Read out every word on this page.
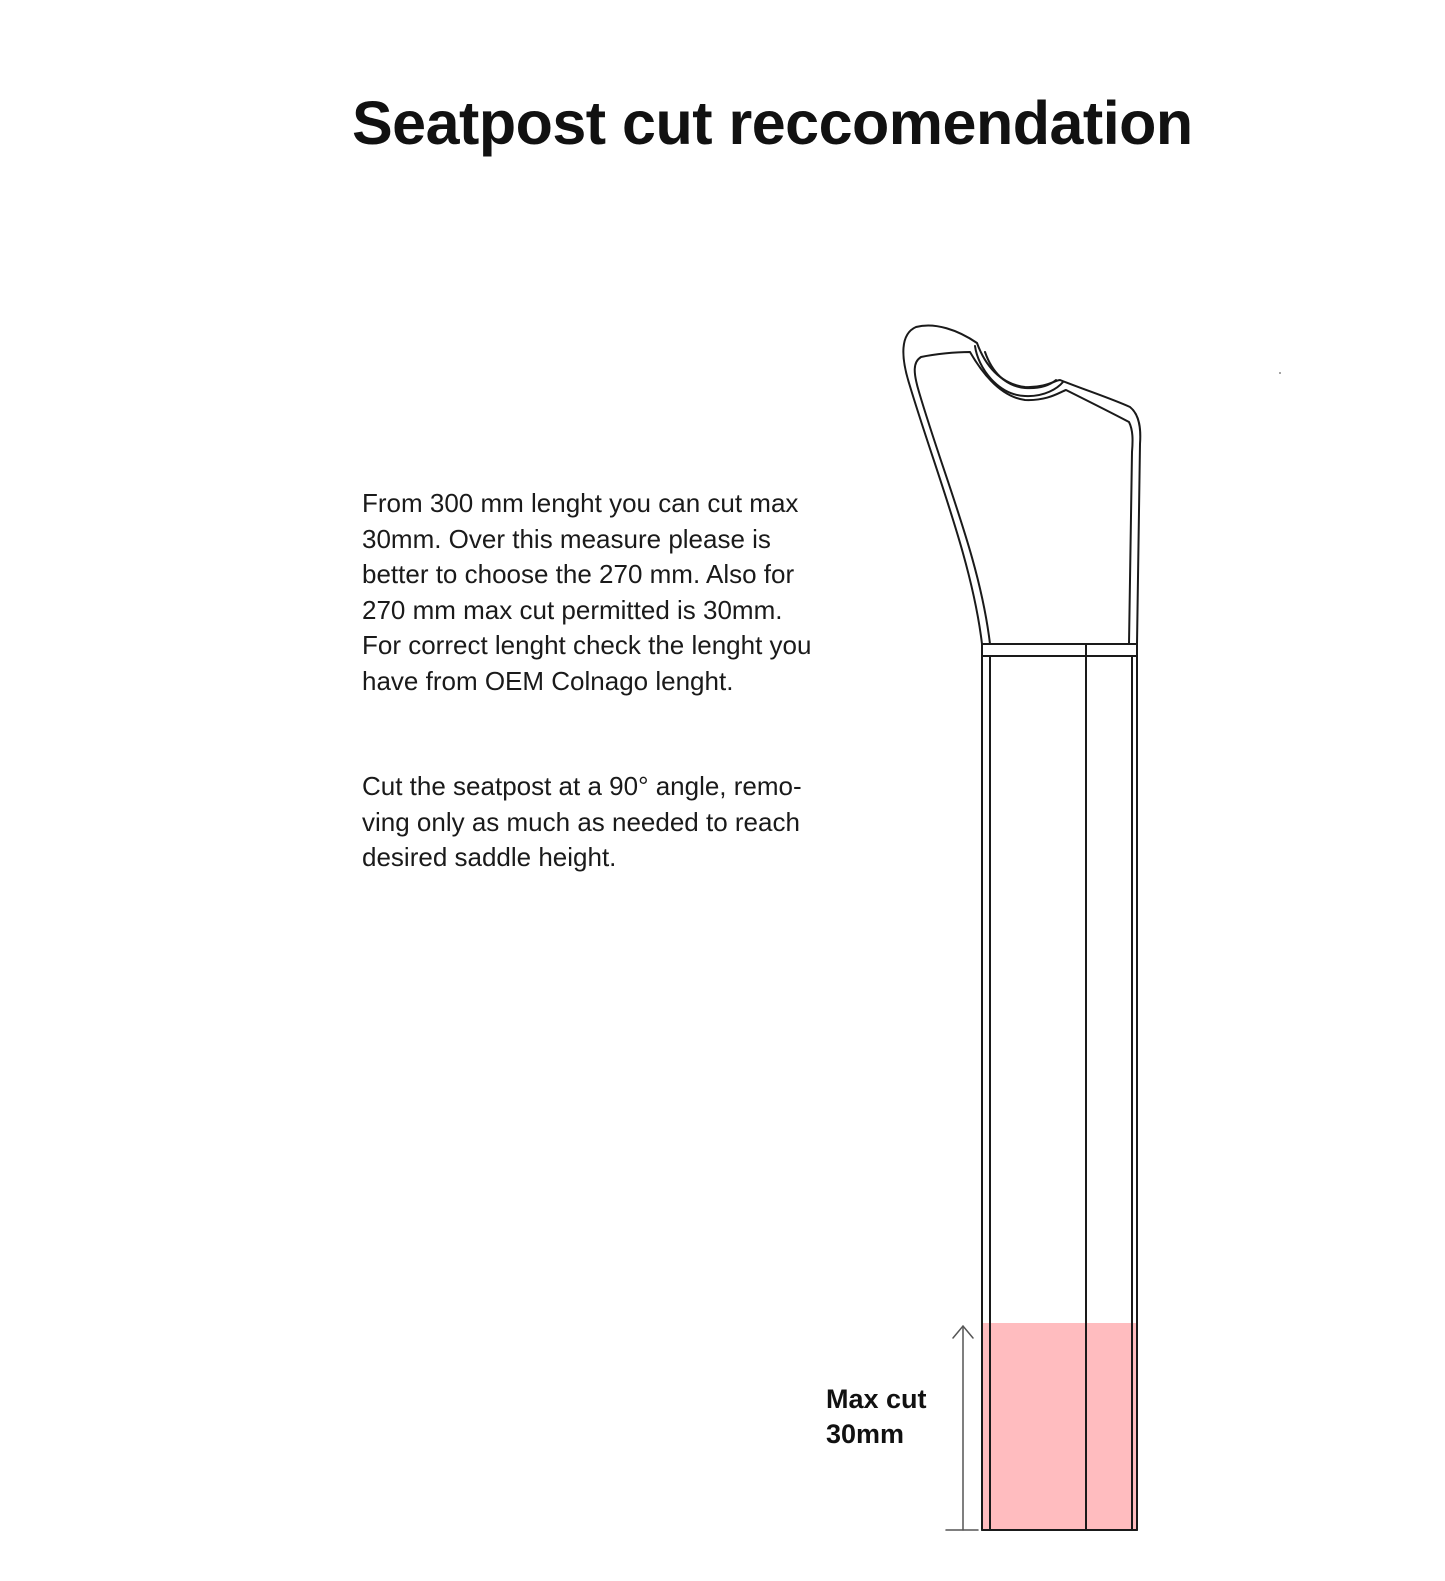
Seatpost cut reccomendation

From 300 mm lenght you can cut max
30mm. Over this measure please is
better to choose the 270 mm. Also for
270 mm max cut permitted is 30mm.
For correct lenght check the lenght you
have from OEM Colnago lenght.

Cut the seatpost at a 90° angle, remo-
ving only as much as needed to reach
desired saddle height.

Max cut
30mm
